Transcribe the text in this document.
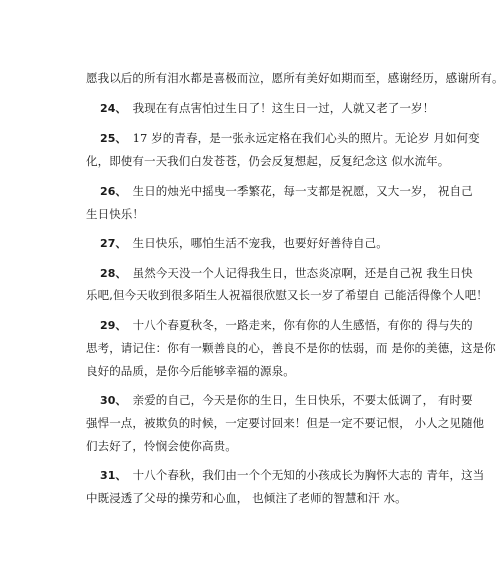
愿我以后的所有泪水都是喜极而泣，愿所有美好如期而至，感谢经历，感谢所有。
24、 我现在有点害怕过生日了！这生日一过，人就又老了一岁！
25、 17 岁的青春，是一张永远定格在我们心头的照片。无论岁 月如何变
化，即使有一天我们白发苍苍，仍会反复想起，反复纪念这 似水流年。
26、 生日的烛光中摇曳一季繁花，每一支都是祝愿，又大一岁， 祝自己
生日快乐！
27、 生日快乐，哪怕生活不宠我，也要好好善待自己。
28、 虽然今天没一个人记得我生日，世态炎凉啊，还是自己祝 我生日快
乐吧,但今天收到很多陌生人祝福很欣慰又长一岁了希望自 己能活得像个人吧！
29、 十八个春夏秋冬，一路走来，你有你的人生感悟，有你的 得与失的
思考，请记住：你有一颗善良的心，善良不是你的怯弱，而 是你的美德，这是你
良好的品质，是你今后能够幸福的源泉。
30、 亲爱的自己，今天是你的生日，生日快乐，不要太低调了， 有时要
强悍一点，被欺负的时候，一定要讨回来！但是一定不要记恨， 小人之见随他
们去好了，怜悯会使你高贵。
31、 十八个春秋，我们由一个个无知的小孩成长为胸怀大志的 青年，这当
中既浸透了父母的操劳和心血， 也倾注了老师的智慧和汗 水。
